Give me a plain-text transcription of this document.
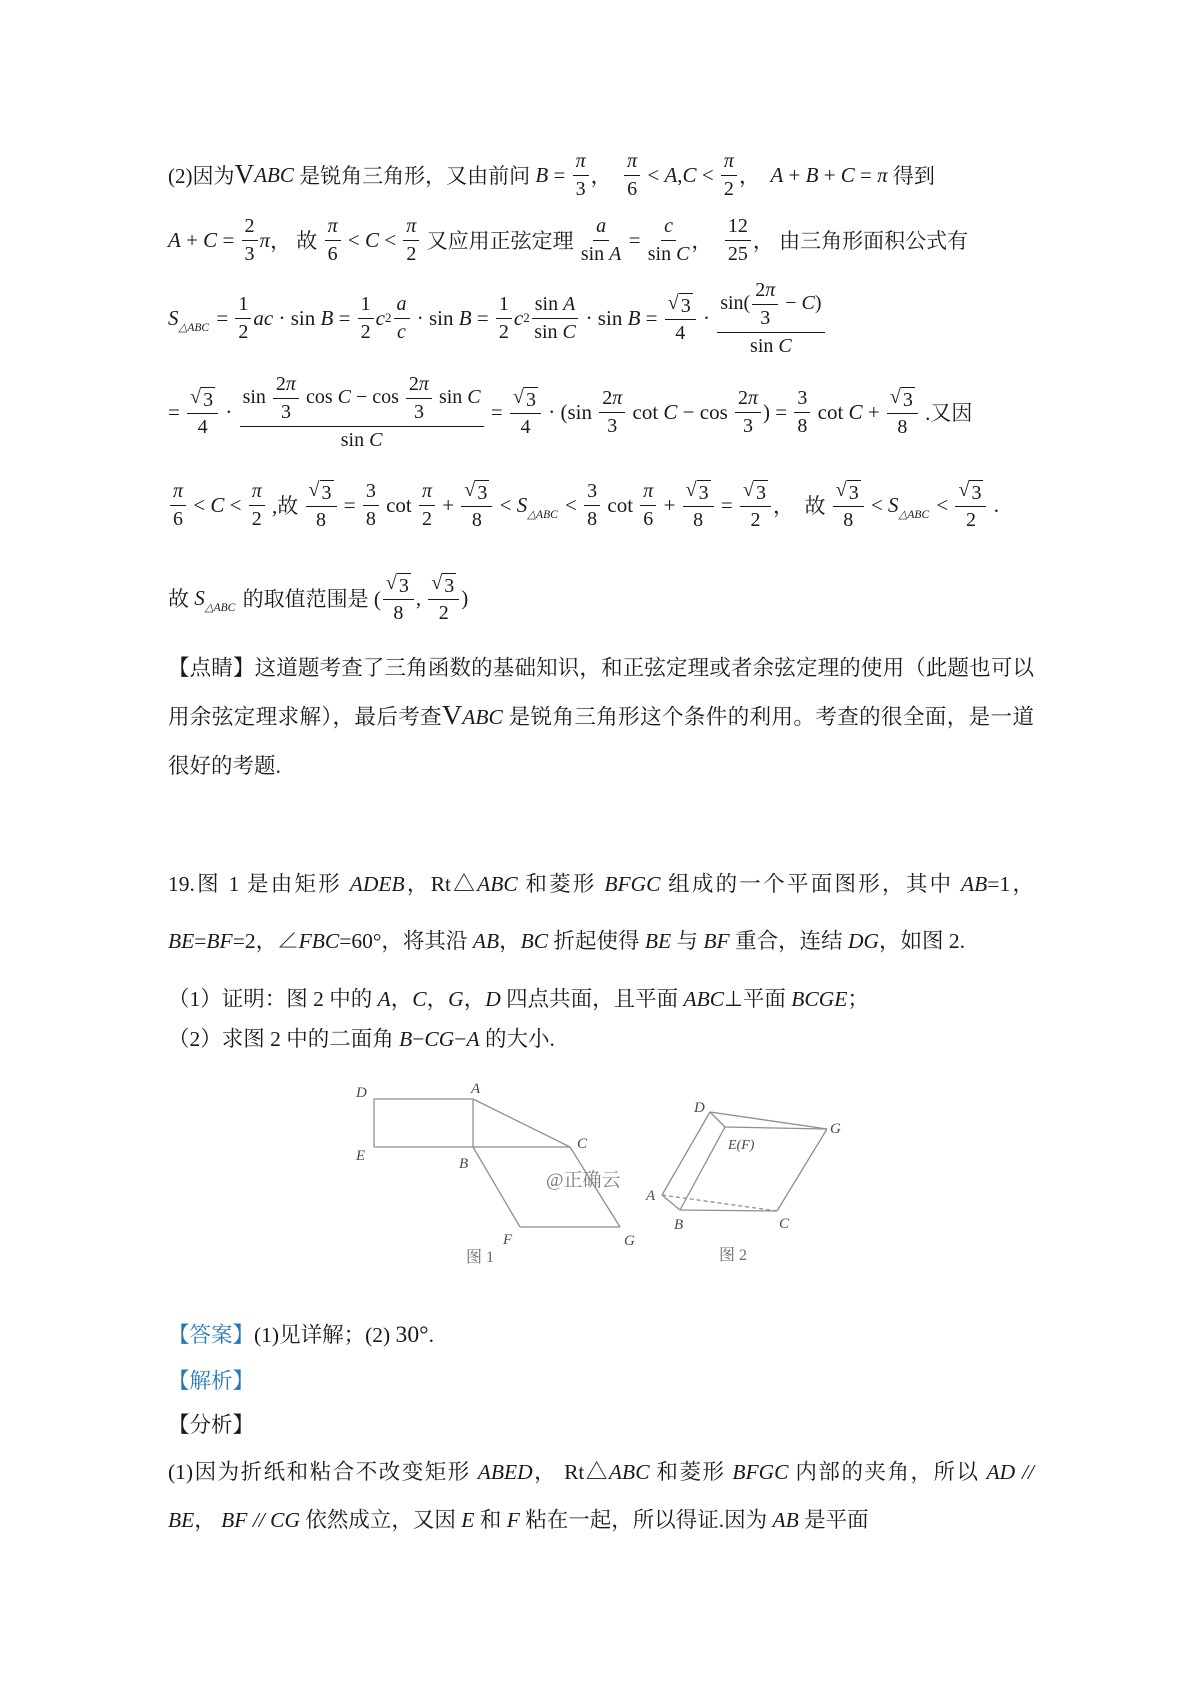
(2)因为 V ABC 是锐角三角形，又由前问 $B = \frac{\pi}{3}$ ， $\frac{\pi}{6} < A$ , $C < \frac{\pi}{2}$ ， A + B + C = π 得到
$A + C = \frac{2}{3}$ π ， 故 $\frac{\pi}{6} < C < \frac{\pi}{2}$ 又应用正弦定理 $\frac{a}{\text{sin A}} = \frac{c}{\text{sin C}}$ ， $\frac{12}{25}$ ， 由三角形面积公式有
$S_{\triangle ABC} = \frac{1}{2}$ ac · $\sin B = \frac{1}{2}$ c $2 \frac{a}{c} \cdot \sin B = \frac{1}{2}$ c $2 \frac{\text{sin A}}{\text{sin C}} \cdot \sin B = \frac{√ 3}{4} \cdot \frac{\sin( \frac{2\pi}{3} - C)}{\text{sin C}}$
= $\frac{√ 3}{4} \cdot \frac{\sin \frac{2\pi}{3} \cos C - \cos \frac{2\pi}{3} \sin C}{\text{sin C}} = \frac{√ 3}{4} \cdot (\sin \frac{2\pi}{3}$ $\cot C - \cos \frac{2\pi}{3}$ ) = $\frac{3}{8}$ $\cot C + \frac{√ 3}{8}$ .又因
$\frac{\pi}{6} < C < \frac{\pi}{2}$ ,故 $\frac{√ 3}{8} = \frac{3}{8}$ $\cot \frac{\pi}{2} + \frac{√ 3}{8} < S_{\triangle ABC} < \frac{3}{8}$ $\cot \frac{\pi}{6} + \frac{√ 3}{8} = \frac{√ 3}{2}$ ，  故 $\frac{√ 3}{8} < S_{\triangle ABC} < \frac{√ 3}{2}$ .
故 $S_{\triangle ABC}$ 的取值范围是 ( $\frac{√ 3}{8}$ , $\frac{√ 3}{2}$ )
【点睛】这道题考查了三角函数的基础知识，和正弦定理或者余弦定理的使用（此题也可以用余弦定理求解），最后考查VABC 是锐角三角形这个条件的利用。考查的很全面，是一道很好的考题.
19.图 1 是由矩形 ADEB，Rt△ABC 和菱形 BFGC 组成的一个平面图形，其中 AB=1， BE=BF=2，∠FBC=60°，将其沿 AB，BC 折起使得 BE 与 BF 重合，连结 DG，如图 2.
（1）证明：图 2 中的 A，C，G，D 四点共面，且平面 ABC⊥平面 BCGE；
（2）求图 2 中的二面角 B−CG−A 的大小.
D	A
E	B
C
F	G
图 1
@正确云
D
G
E(F)
A
B	C
图 2
【答案】(1)见详解；(2) 30°.
【解析】
【分析】
(1)因为折纸和粘合不改变矩形 ABED， Rt△ABC 和菱形 BFGC 内部的夹角，所以 AD // BE， BF // CG 依然成立，又因 E 和 F 粘在一起，所以得证.因为 AB 是平面
